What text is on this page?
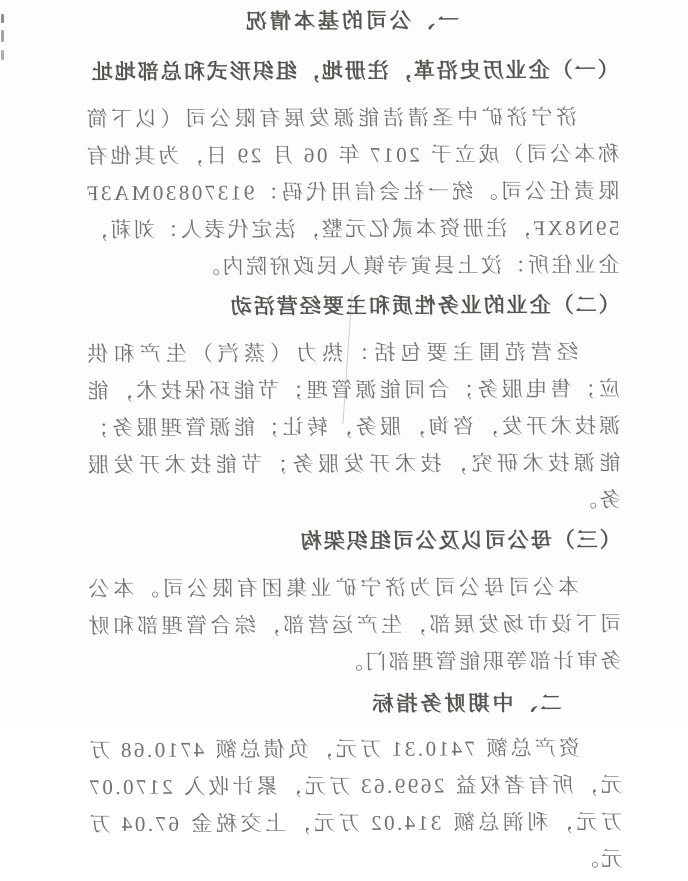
一、公司的基本情况
（一）企业历史沿革，注册地，组织形式和总部地址

济宁济矿中圣清洁能源发展有限公司（以下简称本公司）成立于 2017 年 06 月 29 日，为其他有限责任公司。统一社会信用代码：91370830MA3F59N8XF，注册资本贰亿元整，法定代表人：刘莉，企业住所：汶上县寅寺镇人民政府院内。

（二）企业的业务性质和主要经营活动

经营范围主要包括：热力（蒸汽）生产和供应；售电服务；合同能源管理；节能环保技术，能源技术开发，咨询，服务，转让；能源管理服务；能源技术研究，技术开发服务；节能技术开发服务。

（三）母公司以及公司组织架构

本公司母公司为济宁矿业集团有限公司。本公司下设市场发展部，生产运营部，综合管理部和财务审计部等职能管理部门。

二、中期财务指标

资产总额 7410.31 万元，负债总额 4710.68 万元，所有者权益 2699.63 万元，累计收入 2170.07 万元，利润总额 314.02 万元，上交税金 67.04 万元。
